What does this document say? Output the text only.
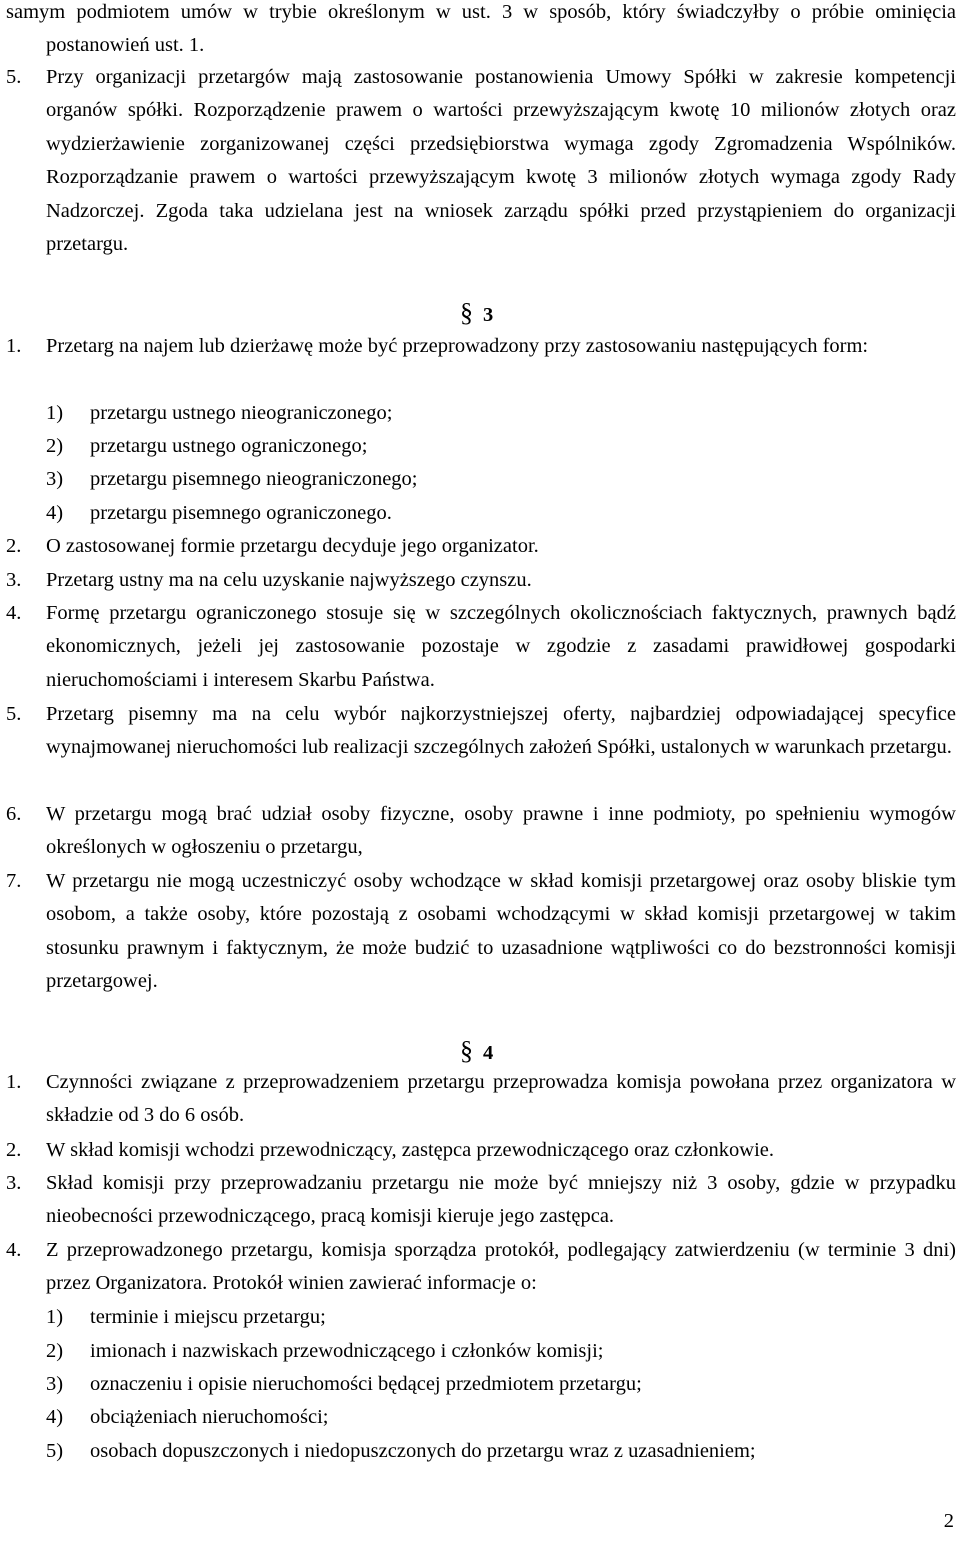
samym podmiotem umów w trybie określonym w ust. 3 w sposób, który świadczyłby o próbie ominięcia postanowień ust. 1.

5. Przy organizacji przetargów mają zastosowanie postanowienia Umowy Spółki w zakresie kompetencji organów spółki. Rozporządzenie prawem o wartości przewyższającym kwotę 10 milionów złotych oraz wydzierżawienie zorganizowanej części przedsiębiorstwa wymaga zgody Zgromadzenia Wspólników. Rozporządzanie prawem o wartości przewyższającym kwotę 3 milionów złotych wymaga zgody Rady Nadzorczej. Zgoda taka udzielana jest na wniosek zarządu spółki przed przystąpieniem do organizacji przetargu.

§ 3

1. Przetarg na najem lub dzierżawę może być przeprowadzony przy zastosowaniu następujących form:

1) przetargu ustnego nieograniczonego;

2) przetargu ustnego ograniczonego;

3) przetargu pisemnego nieograniczonego;

4) przetargu pisemnego ograniczonego.

2. O zastosowanej formie przetargu decyduje jego organizator.

3. Przetarg ustny ma na celu uzyskanie najwyższego czynszu.

4. Formę przetargu ograniczonego stosuje się w szczególnych okolicznościach faktycznych, prawnych bądź ekonomicznych, jeżeli jej zastosowanie pozostaje w zgodzie z zasadami prawidłowej gospodarki nieruchomościami i interesem Skarbu Państwa.

5. Przetarg pisemny ma na celu wybór najkorzystniejszej oferty, najbardziej odpowiadającej specyfice wynajmowanej nieruchomości lub realizacji szczególnych założeń Spółki, ustalonych w warunkach przetargu.

6. W przetargu mogą brać udział osoby fizyczne, osoby prawne i inne podmioty, po spełnieniu wymogów określonych w ogłoszeniu o przetargu,

7. W przetargu nie mogą uczestniczyć osoby wchodzące w skład komisji przetargowej oraz osoby bliskie tym osobom, a także osoby, które pozostają z osobami wchodzącymi w skład komisji przetargowej w takim stosunku prawnym i faktycznym, że może budzić to uzasadnione wątpliwości co do bezstronności komisji przetargowej.

§ 4

1. Czynności związane z przeprowadzeniem przetargu przeprowadza komisja powołana przez organizatora w składzie od 3 do 6 osób.

2. W skład komisji wchodzi przewodniczący, zastępca przewodniczącego oraz członkowie.

3. Skład komisji przy przeprowadzaniu przetargu nie może być mniejszy niż 3 osoby, gdzie w przypadku nieobecności przewodniczącego, pracą komisji kieruje jego zastępca.

4. Z przeprowadzonego przetargu, komisja sporządza protokół, podlegający zatwierdzeniu (w terminie 3 dni) przez Organizatora. Protokół winien zawierać informacje o:

1) terminie i miejscu przetargu;

2) imionach i nazwiskach przewodniczącego i członków komisji;

3) oznaczeniu i opisie nieruchomości będącej przedmiotem przetargu;

4) obciążeniach nieruchomości;

5) osobach dopuszczonych i niedopuszczonych do przetargu wraz z uzasadnieniem;

2
